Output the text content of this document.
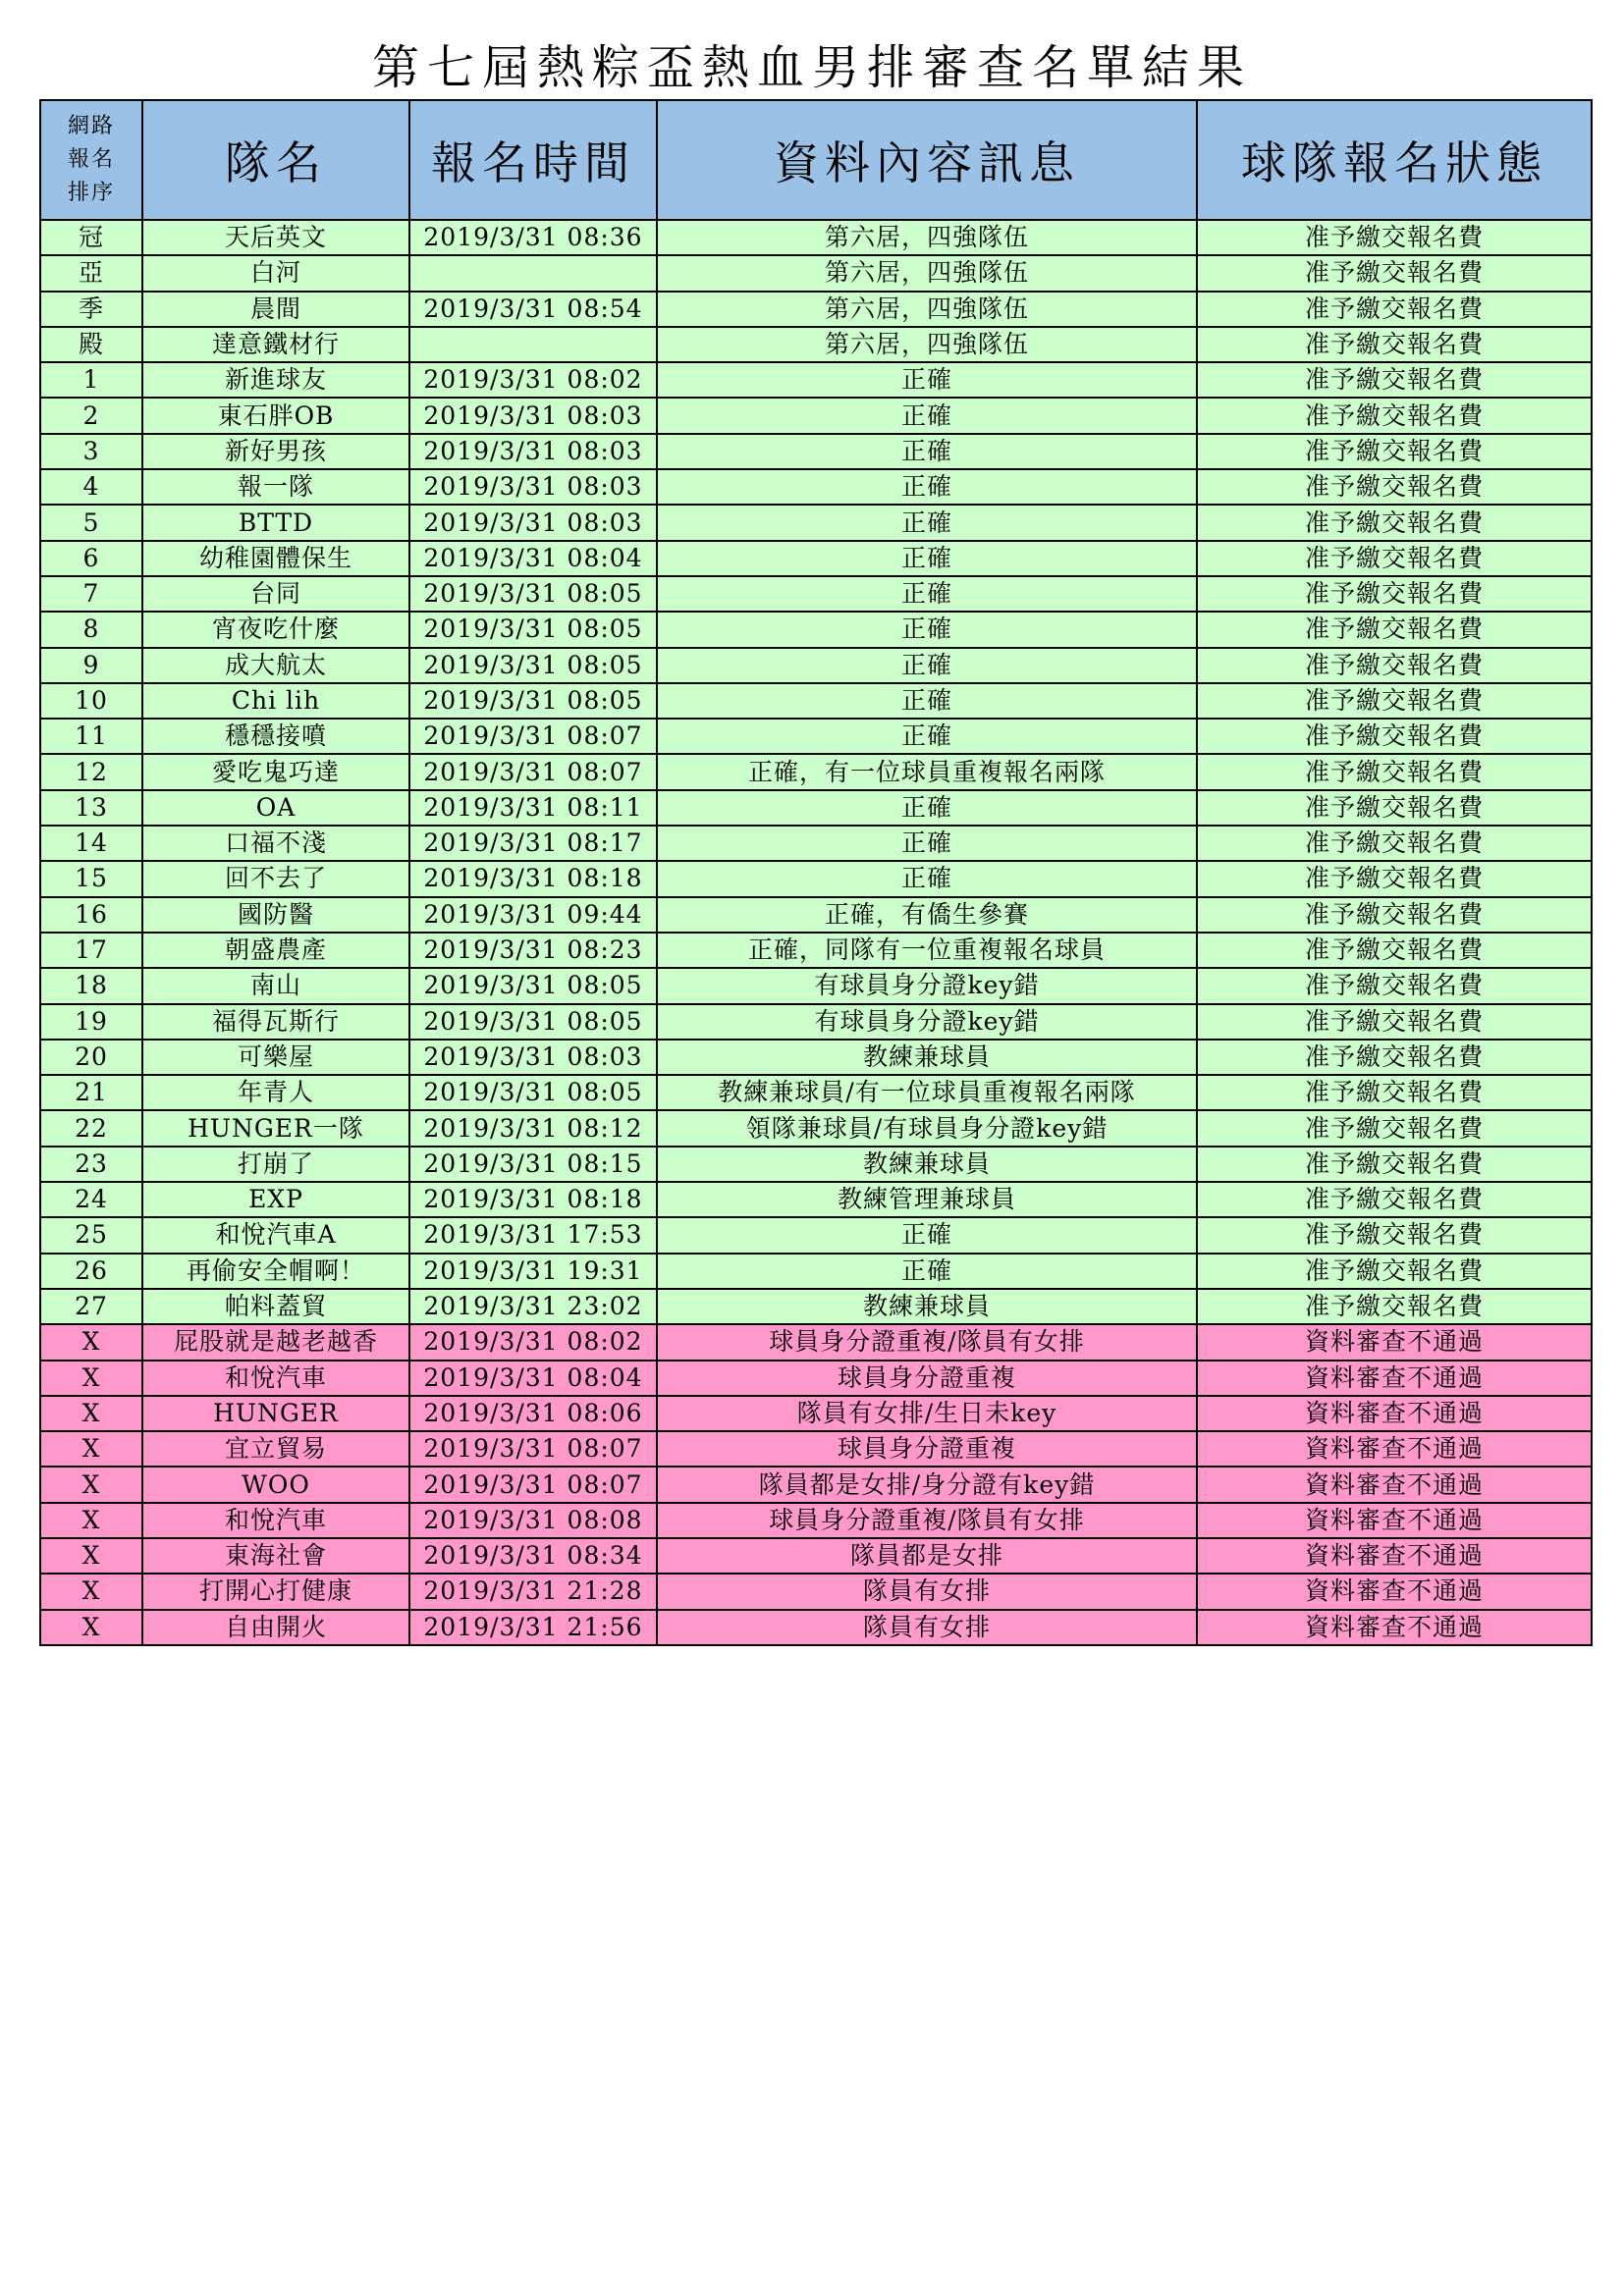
第七屆熱粽盃熱血男排審查名單結果
網路
報名
排序	隊名	報名時間	資料內容訊息	球隊報名狀態
冠	天后英文	2019/3/31 08:36	第六居，四強隊伍	准予繳交報名費
亞	白河		第六居，四強隊伍	准予繳交報名費
季	晨間	2019/3/31 08:54	第六居，四強隊伍	准予繳交報名費
殿	達意鐵材行		第六居，四強隊伍	准予繳交報名費
1	新進球友	2019/3/31 08:02	正確	准予繳交報名費
2	東石胖OB	2019/3/31 08:03	正確	准予繳交報名費
3	新好男孩	2019/3/31 08:03	正確	准予繳交報名費
4	報一隊	2019/3/31 08:03	正確	准予繳交報名費
5	BTTD	2019/3/31 08:03	正確	准予繳交報名費
6	幼稚園體保生	2019/3/31 08:04	正確	准予繳交報名費
7	台同	2019/3/31 08:05	正確	准予繳交報名費
8	宵夜吃什麼	2019/3/31 08:05	正確	准予繳交報名費
9	成大航太	2019/3/31 08:05	正確	准予繳交報名費
10	Chi lih	2019/3/31 08:05	正確	准予繳交報名費
11	穩穩接噴	2019/3/31 08:07	正確	准予繳交報名費
12	愛吃鬼巧達	2019/3/31 08:07	正確，有一位球員重複報名兩隊	准予繳交報名費
13	OA	2019/3/31 08:11	正確	准予繳交報名費
14	口福不淺	2019/3/31 08:17	正確	准予繳交報名費
15	回不去了	2019/3/31 08:18	正確	准予繳交報名費
16	國防醫	2019/3/31 09:44	正確，有僑生參賽	准予繳交報名費
17	朝盛農產	2019/3/31 08:23	正確，同隊有一位重複報名球員	准予繳交報名費
18	南山	2019/3/31 08:05	有球員身分證key錯	准予繳交報名費
19	福得瓦斯行	2019/3/31 08:05	有球員身分證key錯	准予繳交報名費
20	可樂屋	2019/3/31 08:03	教練兼球員	准予繳交報名費
21	年青人	2019/3/31 08:05	教練兼球員/有一位球員重複報名兩隊	准予繳交報名費
22	HUNGER一隊	2019/3/31 08:12	領隊兼球員/有球員身分證key錯	准予繳交報名費
23	打崩了	2019/3/31 08:15	教練兼球員	准予繳交報名費
24	EXP	2019/3/31 08:18	教練管理兼球員	准予繳交報名費
25	和悅汽車A	2019/3/31 17:53	正確	准予繳交報名費
26	再偷安全帽啊！	2019/3/31 19:31	正確	准予繳交報名費
27	帕料蓋貿	2019/3/31 23:02	教練兼球員	准予繳交報名費
X	屁股就是越老越香	2019/3/31 08:02	球員身分證重複/隊員有女排	資料審查不通過
X	和悅汽車	2019/3/31 08:04	球員身分證重複	資料審查不通過
X	HUNGER	2019/3/31 08:06	隊員有女排/生日未key	資料審查不通過
X	宜立貿易	2019/3/31 08:07	球員身分證重複	資料審查不通過
X	WOO	2019/3/31 08:07	隊員都是女排/身分證有key錯	資料審查不通過
X	和悅汽車	2019/3/31 08:08	球員身分證重複/隊員有女排	資料審查不通過
X	東海社會	2019/3/31 08:34	隊員都是女排	資料審查不通過
X	打開心打健康	2019/3/31 21:28	隊員有女排	資料審查不通過
X	自由開火	2019/3/31 21:56	隊員有女排	資料審查不通過
